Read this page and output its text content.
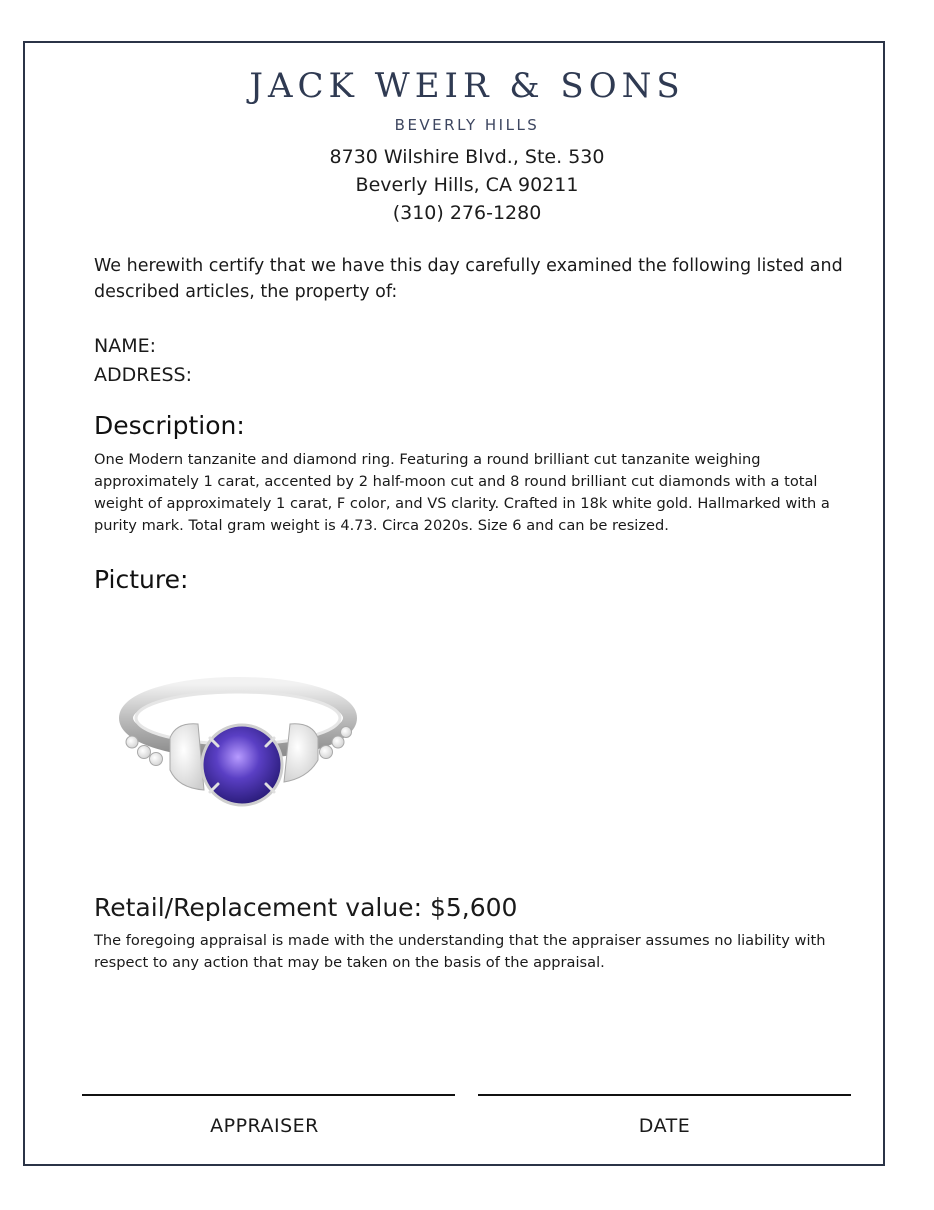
JACK WEIR & SONS
BEVERLY HILLS
8730 Wilshire Blvd., Ste. 530
Beverly Hills, CA 90211
(310) 276-1280
We herewith certify that we have this day carefully examined the following listed and described articles, the property of:
NAME:
ADDRESS:
Description:
One Modern tanzanite and diamond ring. Featuring a round brilliant cut tanzanite weighing approximately 1 carat, accented by 2 half-moon cut and 8 round brilliant cut diamonds with a total weight of approximately 1 carat, F color, and VS clarity. Crafted in 18k white gold. Hallmarked with a purity mark. Total gram weight is 4.73. Circa 2020s. Size 6 and can be resized.
Picture:
Retail/Replacement value: $5,600
The foregoing appraisal is made with the understanding that the appraiser assumes no liability with respect to any action that may be taken on the basis of the appraisal.
APPRAISER	DATE
